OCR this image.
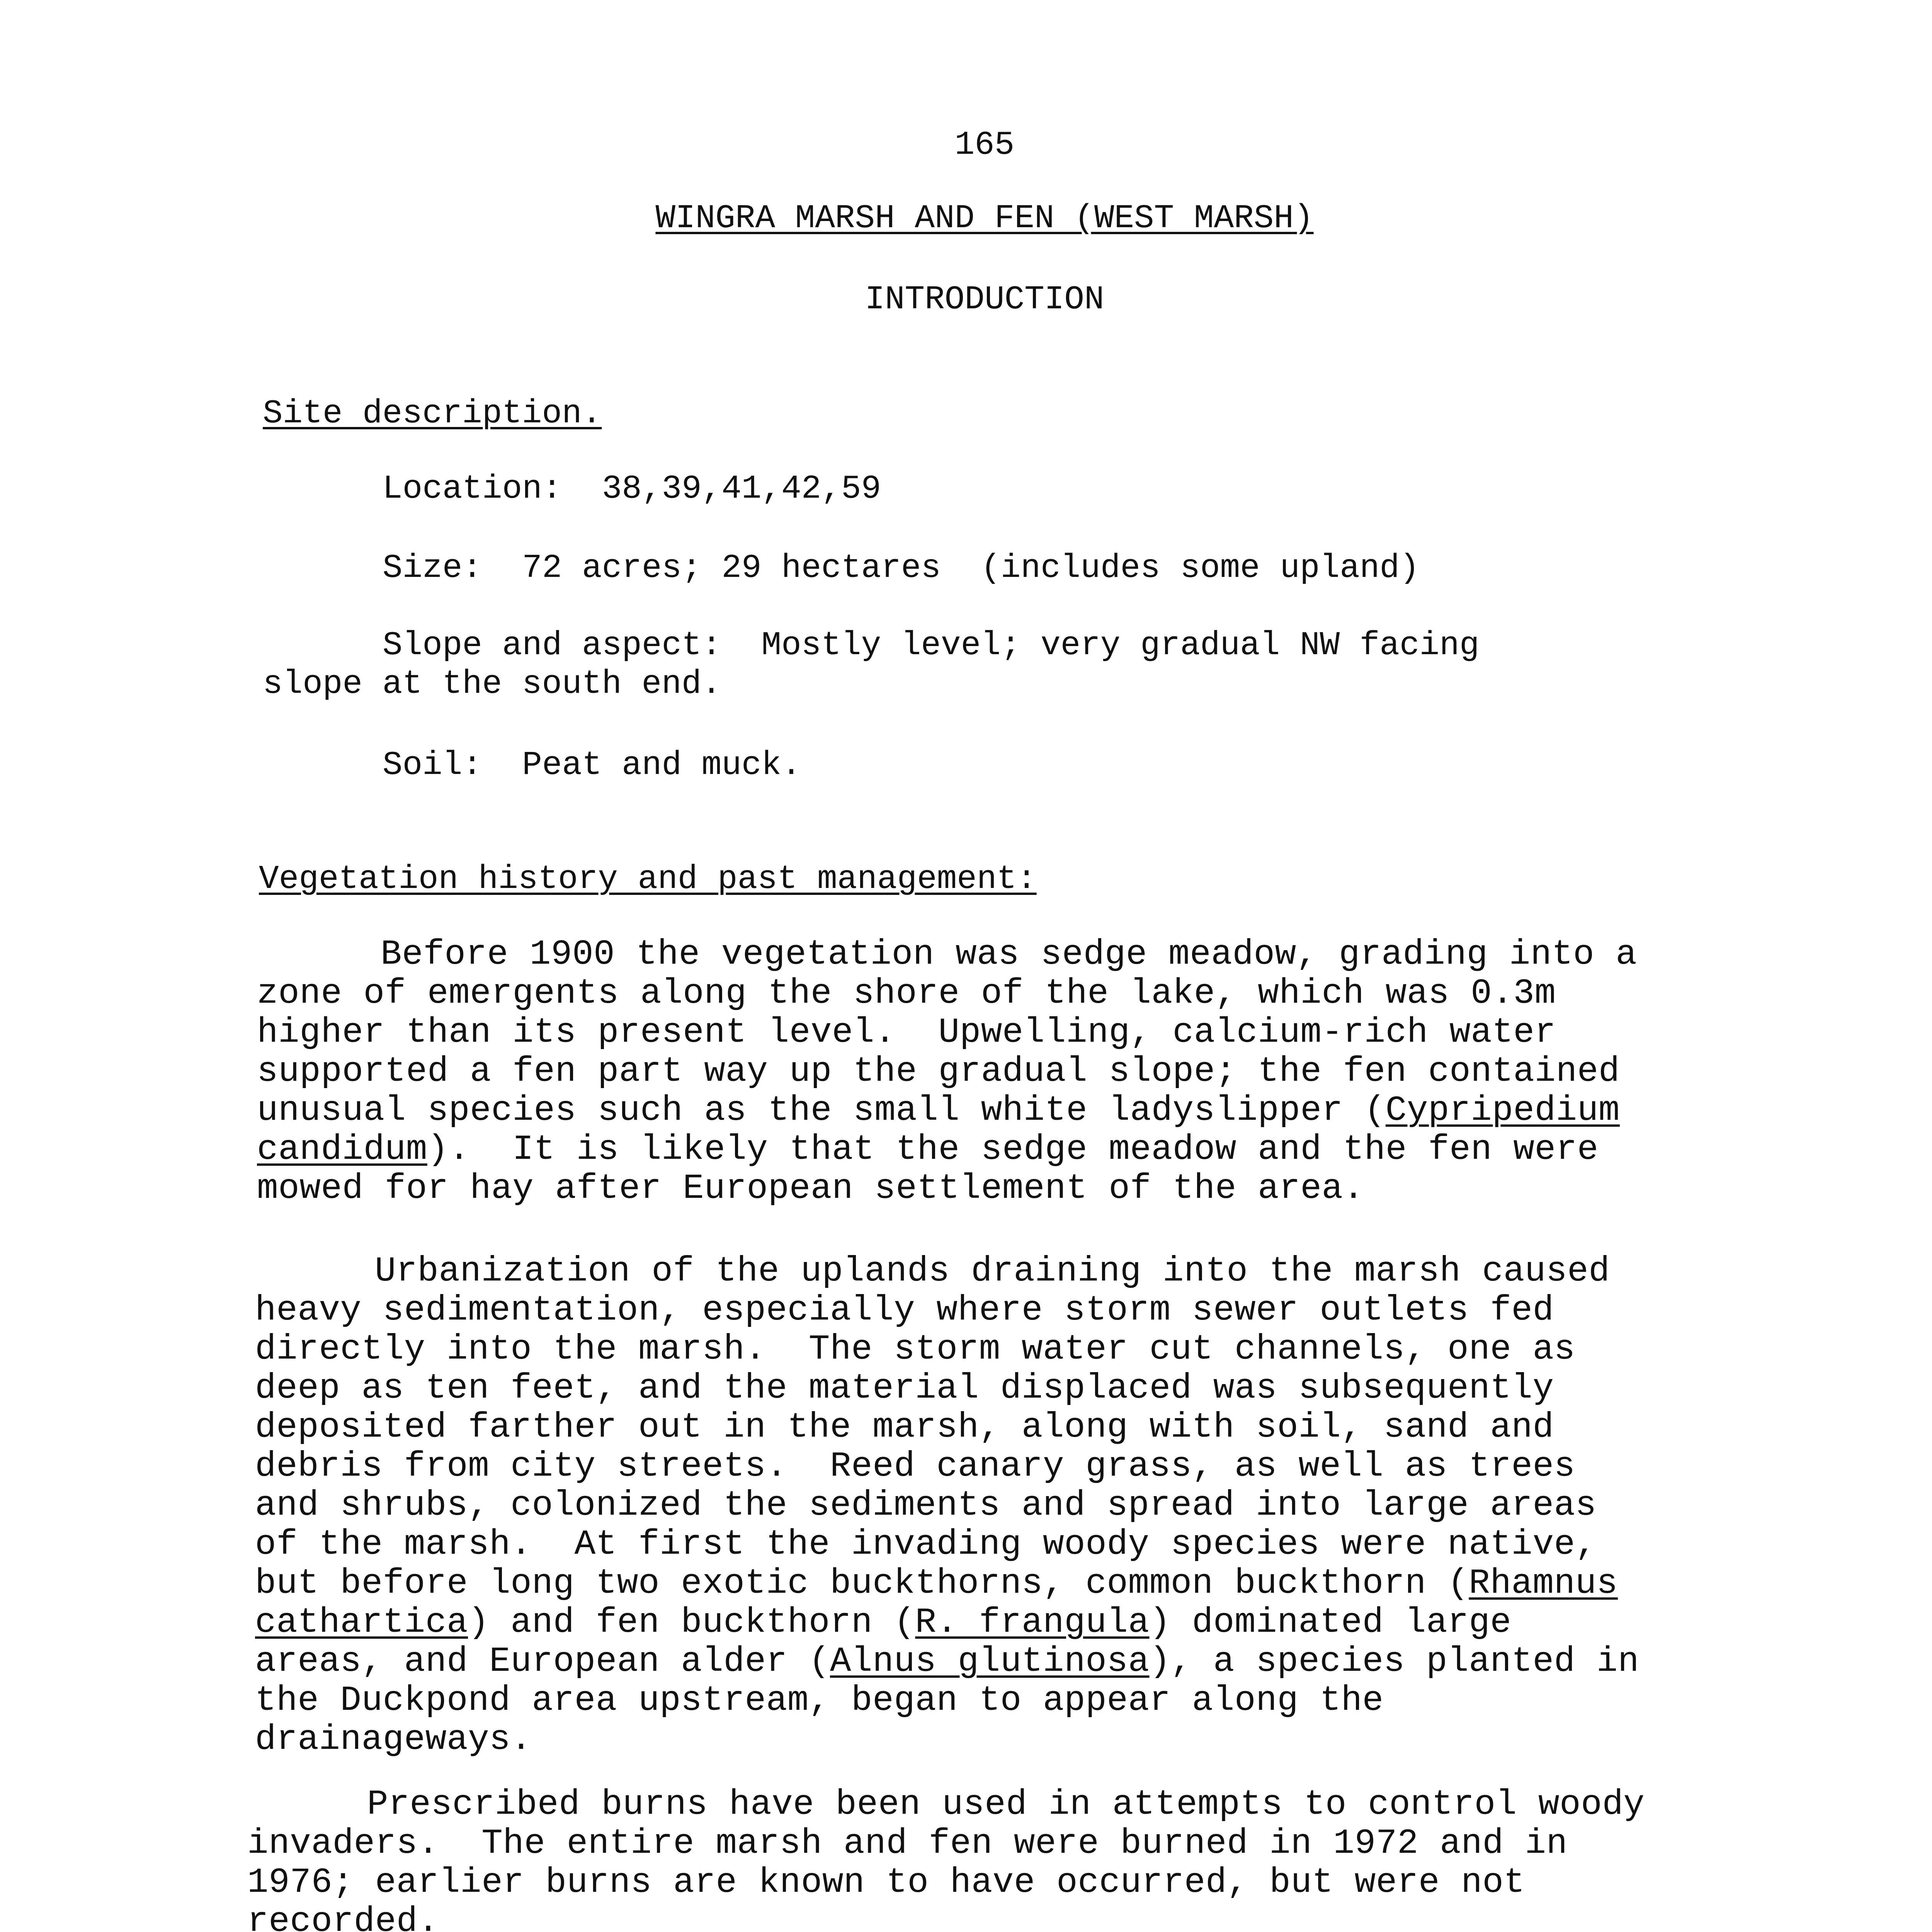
165
WINGRA MARSH AND FEN (WEST MARSH)
INTRODUCTION
Site description.
Location:  38,39,41,42,59
Size:  72 acres; 29 hectares  (includes some upland)
Slope and aspect:  Mostly level; very gradual NW facing
slope at the south end.
Soil:  Peat and muck.
Vegetation history and past management:
Before 1900 the vegetation was sedge meadow, grading into a
zone of emergents along the shore of the lake, which was 0.3m
higher than its present level.  Upwelling, calcium-rich water
supported a fen part way up the gradual slope; the fen contained
unusual species such as the small white ladyslipper (Cypripedium
candidum).  It is likely that the sedge meadow and the fen were
mowed for hay after European settlement of the area.
Urbanization of the uplands draining into the marsh caused
heavy sedimentation, especially where storm sewer outlets fed
directly into the marsh.  The storm water cut channels, one as
deep as ten feet, and the material displaced was subsequently
deposited farther out in the marsh, along with soil, sand and
debris from city streets.  Reed canary grass, as well as trees
and shrubs, colonized the sediments and spread into large areas
of the marsh.  At first the invading woody species were native,
but before long two exotic buckthorns, common buckthorn (Rhamnus
cathartica) and fen buckthorn (R. frangula) dominated large
areas, and European alder (Alnus glutinosa), a species planted in
the Duckpond area upstream, began to appear along the
drainageways.
Prescribed burns have been used in attempts to control woody
invaders.  The entire marsh and fen were burned in 1972 and in
1976; earlier burns are known to have occurred, but were not
recorded.
